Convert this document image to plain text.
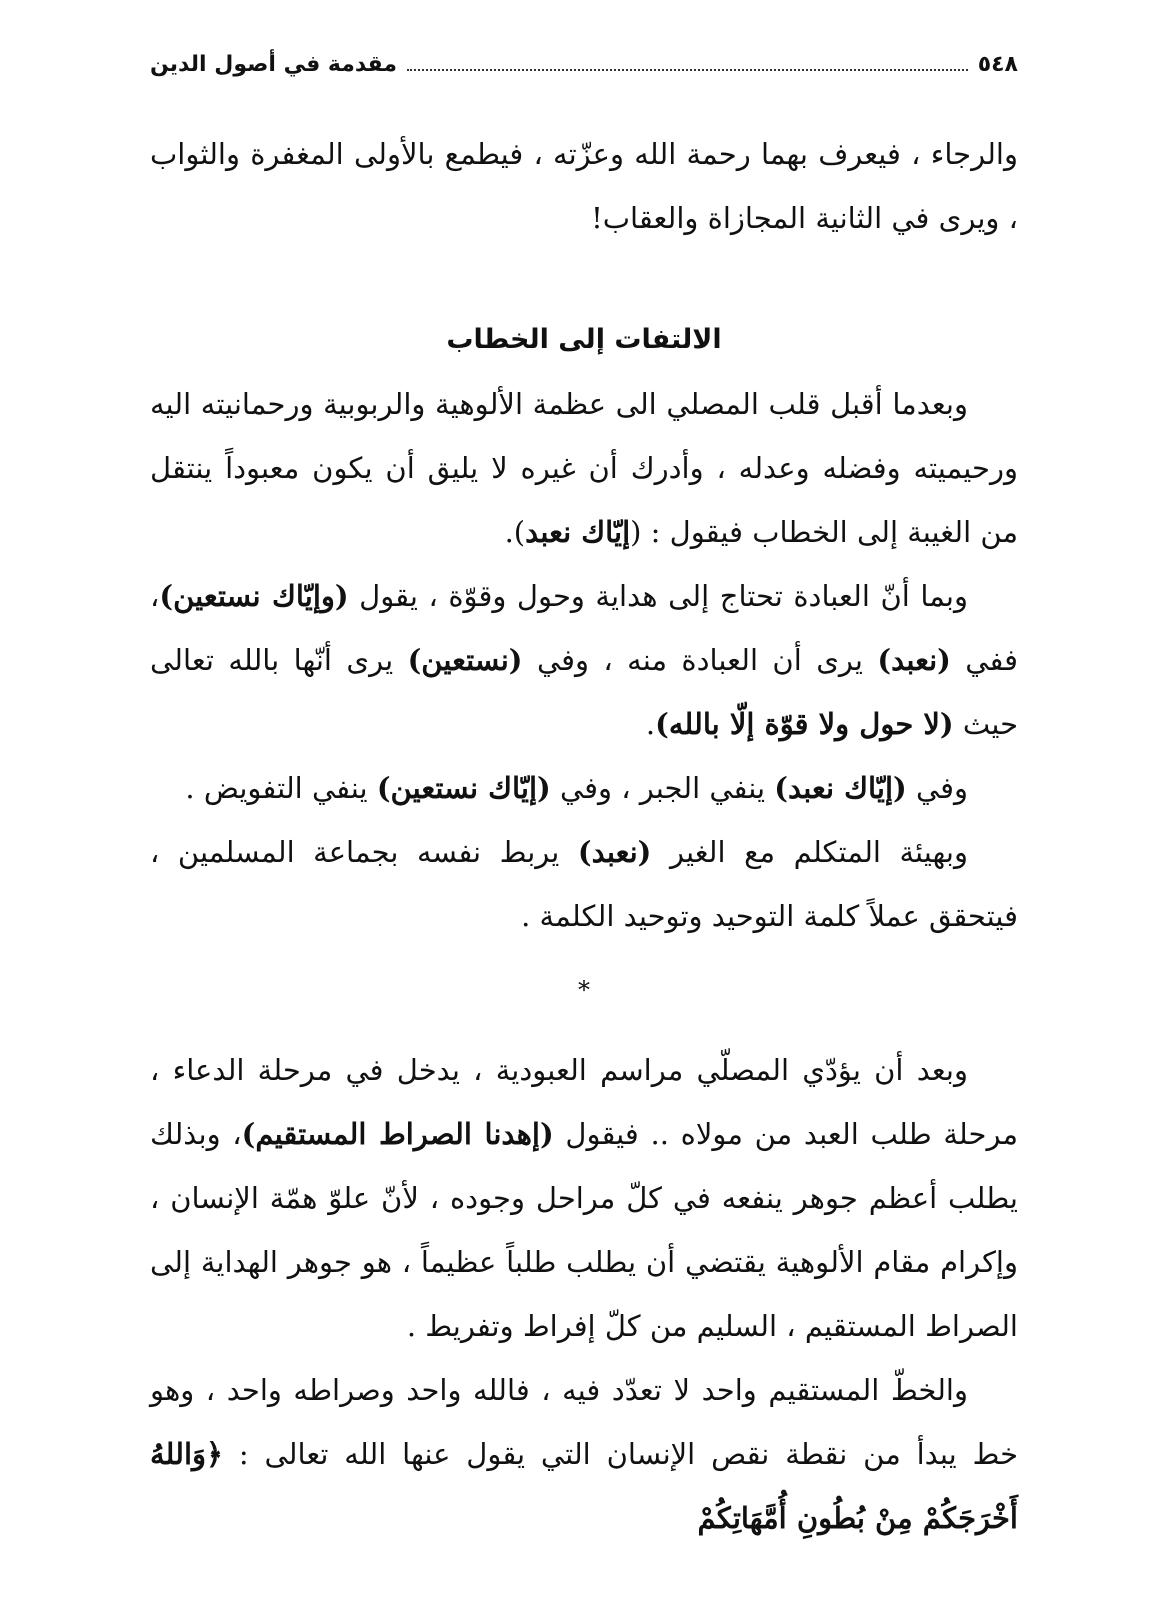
٥٤٨
مقدمة في أصول الدين

والرجاء ، فيعرف بهما رحمة الله وعزّته ، فيطمع بالأولى المغفرة والثواب ، ويرى في الثانية المجازاة والعقاب!

الالتفات إلى الخطاب

وبعدما أقبل قلب المصلي الى عظمة الألوهية والربوبية ورحمانيته اليه ورحيميته وفضله وعدله ، وأدرك أن غيره لا يليق أن يكون معبوداً ينتقل من الغيبة إلى الخطاب فيقول : (إيّاك نعبد).

وبما أنّ العبادة تحتاج إلى هداية وحول وقوّة ، يقول (وإيّاك نستعين)، ففي (نعبد) يرى أن العبادة منه ، وفي (نستعين) يرى أنّها بالله تعالى حيث (لا حول ولا قوّة إلّا بالله).

وفي (إيّاك نعبد) ينفي الجبر ، وفي (إيّاك نستعين) ينفي التفويض .

وبهيئة المتكلم مع الغير (نعبد) يربط نفسه بجماعة المسلمين ، فيتحقق عملاً كلمة التوحيد وتوحيد الكلمة .

*

وبعد أن يؤدّي المصلّي مراسم العبودية ، يدخل في مرحلة الدعاء ، مرحلة طلب العبد من مولاه .. فيقول (إهدنا الصراط المستقيم)، وبذلك يطلب أعظم جوهر ينفعه في كلّ مراحل وجوده ، لأنّ علوّ همّة الإنسان ، وإكرام مقام الألوهية يقتضي أن يطلب طلباً عظيماً ، هو جوهر الهداية إلى الصراط المستقيم ، السليم من كلّ إفراط وتفريط .

والخطّ المستقيم واحد لا تعدّد فيه ، فالله واحد وصراطه واحد ، وهو خط يبدأ من نقطة نقص الإنسان التي يقول عنها الله تعالى : ﴿وَاللهُ أَخْرَجَكُمْ مِنْ بُطُونِ أُمَّهَاتِكُمْ
